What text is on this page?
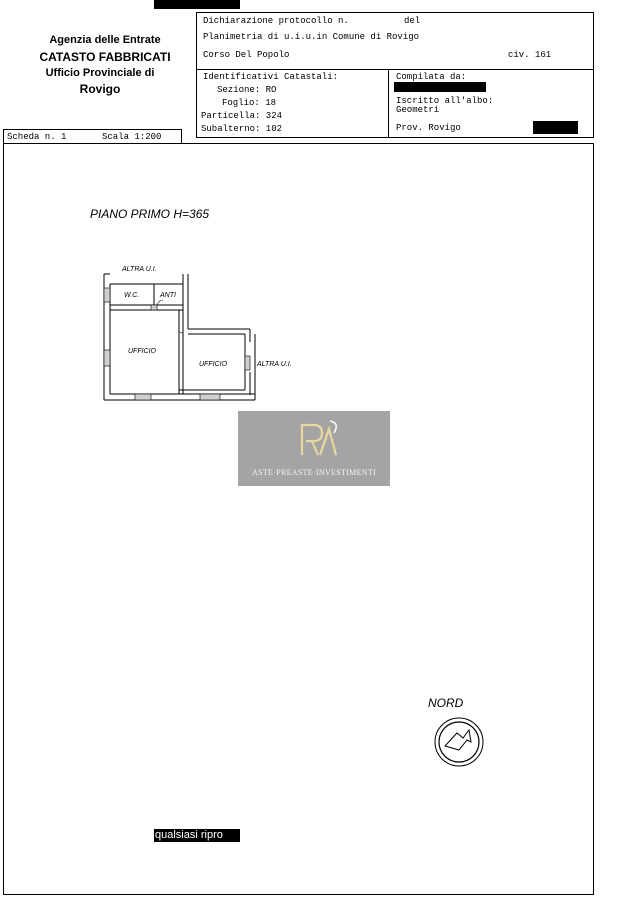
Agenzia delle Entrate
CATASTO FABBRICATI
Ufficio Provinciale di
Rovigo
Dichiarazione protocollo n.	del
Planimetria di u.i.u.in Comune di Rovigo
Corso Del Popolo	civ. 161
Identificativi Catastali:
Sezione: RO
Foglio: 18
Particella: 324
Subalterno: 102
Compilata da:
Iscritto all'albo:
Geometri
Prov. Rovigo
Scheda n. 1	Scala 1:200
PIANO PRIMO H=365
ALTRA U.I.
W.C.	ANTI
UFFICIO
UFFICIO	ALTRA U.I.
ASTE·PREASTE·INVESTIMENTI
NORD
qualsiasi ripro
